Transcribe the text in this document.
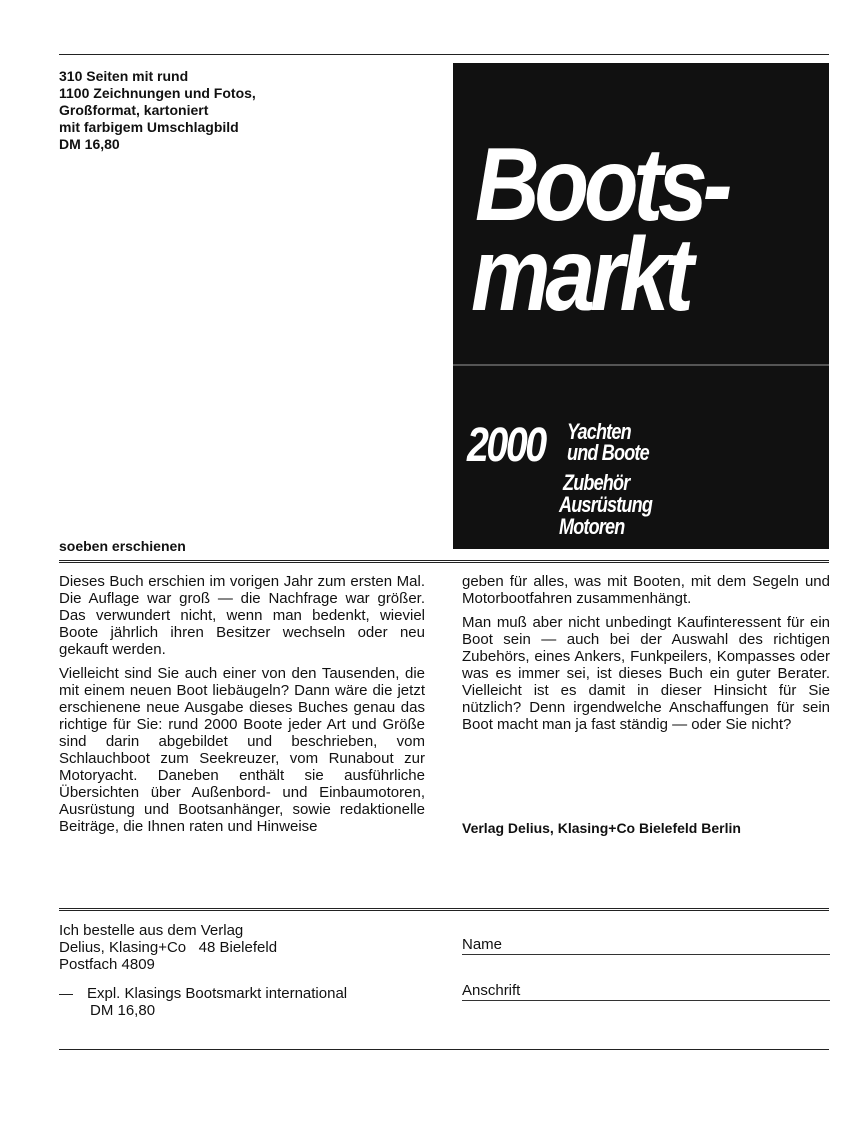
310 Seiten mit rund
1100 Zeichnungen und Fotos,
Großformat, kartoniert
mit farbigem Umschlagbild
DM 16,80	Boots-
markt
2000 Yachten
und Boote
Zubehör
Ausrüstung
Motoren
soeben erschienen

Dieses Buch erschien im vorigen Jahr zum ersten Mal. Die Auflage war groß — die Nachfrage war größer. Das verwundert nicht, wenn man bedenkt, wieviel Boote jährlich ihren Besitzer wechseln oder neu gekauft werden.

Vielleicht sind Sie auch einer von den Tausenden, die mit einem neuen Boot liebäugeln? Dann wäre die jetzt erschienene neue Ausgabe dieses Buches genau das richtige für Sie: rund 2000 Boote jeder Art und Größe sind darin abgebildet und beschrieben, vom Schlauchboot zum Seekreuzer, vom Runabout zur Motoryacht. Daneben enthält sie ausführliche Übersichten über Außenbord- und Einbaumotoren, Ausrüstung und Bootsanhänger, sowie redaktionelle Beiträge, die Ihnen raten und Hinweise

geben für alles, was mit Booten, mit dem Segeln und Motorbootfahren zusammenhängt.

Man muß aber nicht unbedingt Kaufinteressent für ein Boot sein — auch bei der Auswahl des richtigen Zubehörs, eines Ankers, Funkpeilers, Kompasses oder was es immer sei, ist dieses Buch ein guter Berater. Vielleicht ist es damit in dieser Hinsicht für Sie nützlich? Denn irgendwelche Anschaffungen für sein Boot macht man ja fast ständig — oder Sie nicht?

Verlag Delius, Klasing+Co Bielefeld Berlin
Ich bestelle aus dem Verlag
Delius, Klasing+Co   48 Bielefeld
Postfach 4809
Expl. Klasings Bootsmarkt international
DM 16,80
Name
Anschrift
